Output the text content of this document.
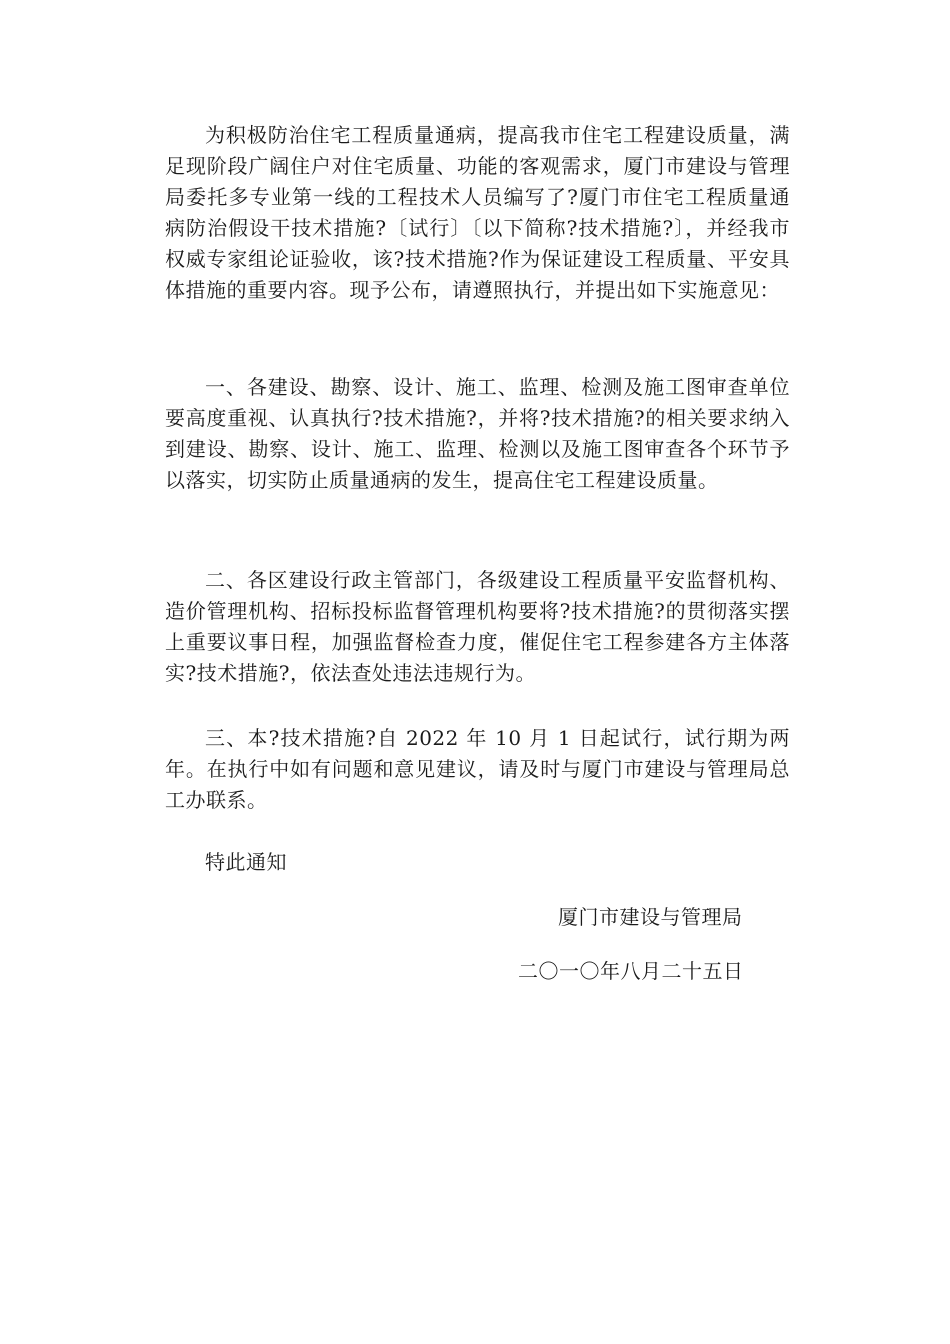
为积极防治住宅工程质量通病，提高我市住宅工程建设质量，满足现阶段广阔住户对住宅质量、功能的客观需求，厦门市建设与管理局委托多专业第一线的工程技术人员编写了?厦门市住宅工程质量通病防治假设干技术措施?〔试行〕〔以下简称?技术措施?〕，并经我市权威专家组论证验收，该?技术措施?作为保证建设工程质量、平安具体措施的重要内容。现予公布，请遵照执行，并提出如下实施意见：

一、各建设、勘察、设计、施工、监理、检测及施工图审查单位要高度重视、认真执行?技术措施?，并将?技术措施?的相关要求纳入到建设、勘察、设计、施工、监理、检测以及施工图审查各个环节予以落实，切实防止质量通病的发生，提高住宅工程建设质量。

二、各区建设行政主管部门，各级建设工程质量平安监督机构、造价管理机构、招标投标监督管理机构要将?技术措施?的贯彻落实摆上重要议事日程，加强监督检查力度，催促住宅工程参建各方主体落实?技术措施?，依法查处违法违规行为。

三、本?技术措施?自 2022 年 10 月 1 日起试行，试行期为两年。在执行中如有问题和意见建议，请及时与厦门市建设与管理局总工办联系。

特此通知

厦门市建设与管理局

二〇一〇年八月二十五日
